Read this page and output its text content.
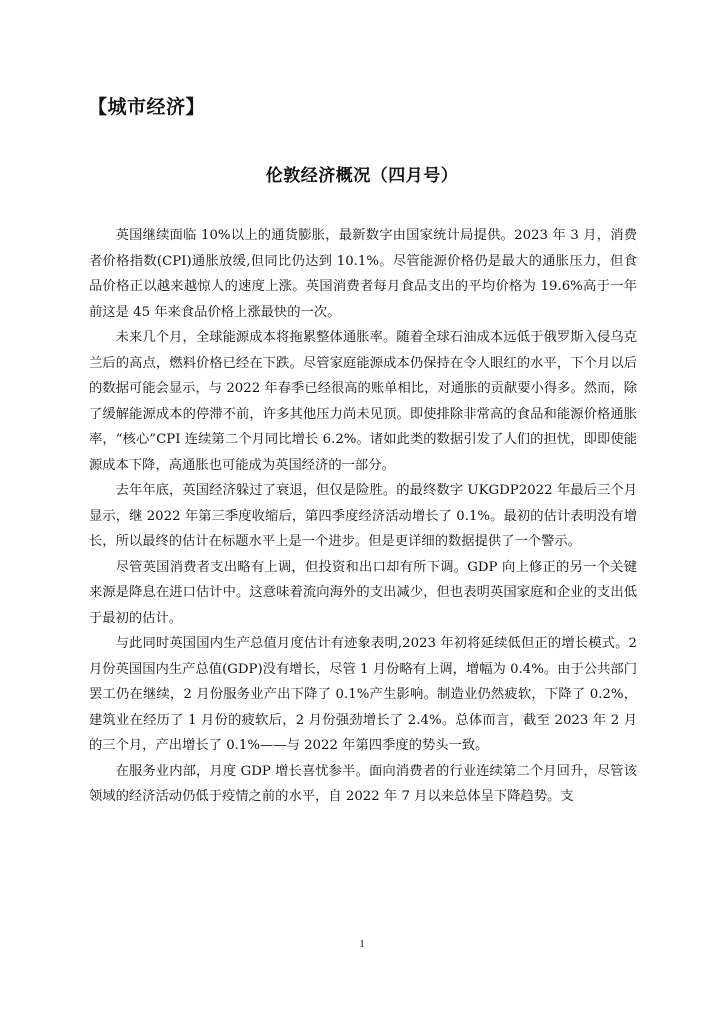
【城市经济】
伦敦经济概况（四月号）

英国继续面临 10%以上的通货膨胀，最新数字由国家统计局提供。2023 年 3 月，消费者价格指数(CPI)通胀放缓,但同比仍达到 10.1%。尽管能源价格仍是最大的通胀压力，但食品价格正以越来越惊人的速度上涨。英国消费者每月食品支出的平均价格为 19.6%高于一年前这是 45 年来食品价格上涨最快的一次。

未来几个月，全球能源成本将拖累整体通胀率。随着全球石油成本远低于俄罗斯入侵乌克兰后的高点，燃料价格已经在下跌。尽管家庭能源成本仍保持在令人眼红的水平，下个月以后的数据可能会显示，与 2022 年春季已经很高的账单相比，对通胀的贡献要小得多。然而，除了缓解能源成本的停滞不前，许多其他压力尚未见顶。即使排除非常高的食品和能源价格通胀率，“核心”CPI 连续第二个月同比增长 6.2%。诸如此类的数据引发了人们的担忧，即即使能源成本下降，高通胀也可能成为英国经济的一部分。

去年年底，英国经济躲过了衰退，但仅是险胜。的最终数字 UKGDP2022 年最后三个月显示，继 2022 年第三季度收缩后，第四季度经济活动增长了 0.1%。最初的估计表明没有增长，所以最终的估计在标题水平上是一个进步。但是更详细的数据提供了一个警示。

尽管英国消费者支出略有上调，但投资和出口却有所下调。GDP 向上修正的另一个关键来源是降息在进口估计中。这意味着流向海外的支出减少，但也表明英国家庭和企业的支出低于最初的估计。

与此同时英国国内生产总值月度估计有迹象表明,2023 年初将延续低但正的增长模式。2 月份英国国内生产总值(GDP)没有增长，尽管 1 月份略有上调，增幅为 0.4%。由于公共部门罢工仍在继续，2 月份服务业产出下降了 0.1%产生影响。制造业仍然疲软，下降了 0.2%，建筑业在经历了 1 月份的疲软后，2 月份强劲增长了 2.4%。总体而言，截至 2023 年 2 月的三个月，产出增长了 0.1%——与 2022 年第四季度的势头一致。

在服务业内部，月度 GDP 增长喜忧参半。面向消费者的行业连续第二个月回升，尽管该领域的经济活动仍低于疫情之前的水平，自 2022 年 7 月以来总体呈下降趋势。支

1
